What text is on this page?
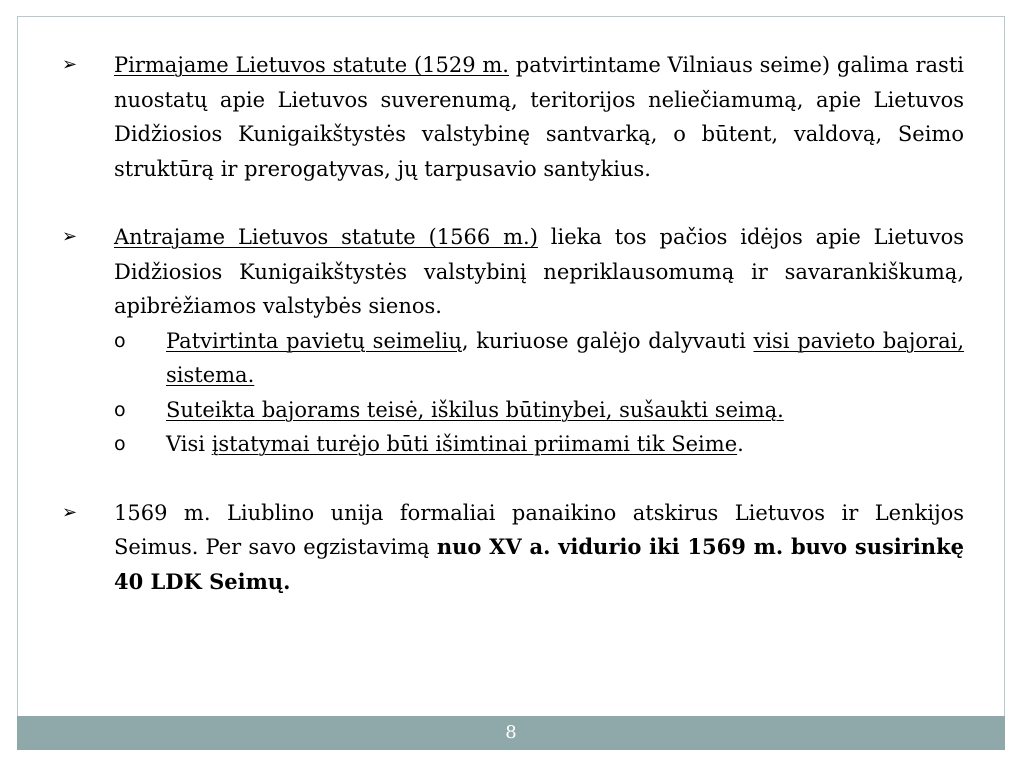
➢	Pirmajame Lietuvos statute (1529 m. patvirtintame Vilniaus seime) galima rasti nuostatų apie Lietuvos suverenumą, teritorijos neliečiamumą, apie Lietuvos Didžiosios Kunigaikštystės valstybinę santvarką, o būtent, valdovą, Seimo struktūrą ir prerogatyvas, jų tarpusavio santykius.
➢	Antrajame Lietuvos statute (1566 m.) lieka tos pačios idėjos apie Lietuvos Didžiosios Kunigaikštystės valstybinį nepriklausomumą ir savarankiškumą, apibrėžiamos valstybės sienos.
o Patvirtinta pavietų seimelių, kuriuose galėjo dalyvauti visi pavieto bajorai, sistema.
o Suteikta bajorams teisė, iškilus būtinybei, sušaukti seimą.
o Visi įstatymai turėjo būti išimtinai priimami tik Seime.
➢	1569 m. Liublino unija formaliai panaikino atskirus Lietuvos ir Lenkijos Seimus. Per savo egzistavimą nuo XV a. vidurio iki 1569 m. buvo susirinkę 40 LDK Seimų.
8
